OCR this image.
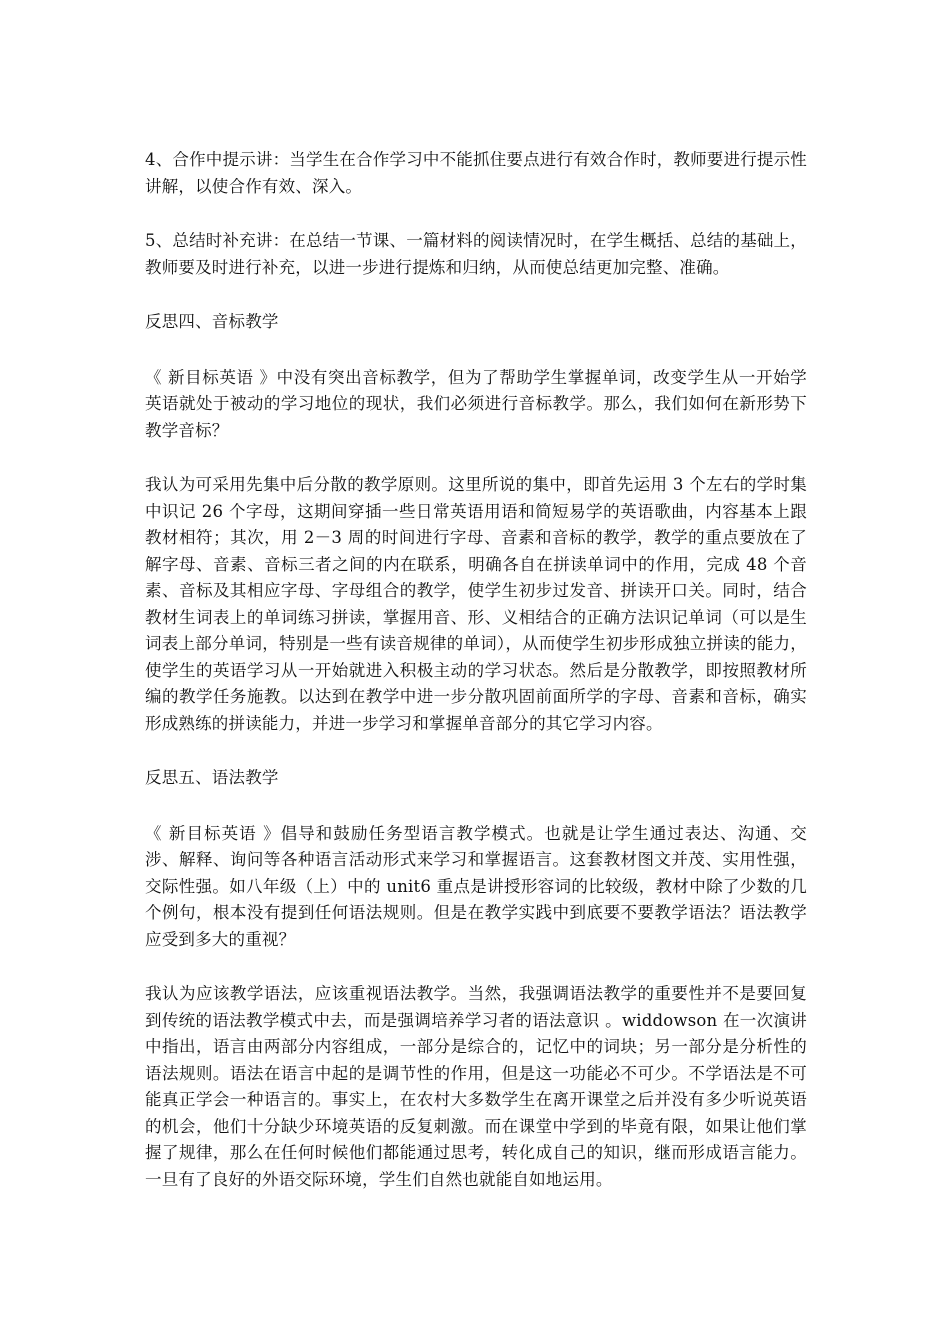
4、合作中提示讲：当学生在合作学习中不能抓住要点进行有效合作时，教师要进行提示性讲解，以使合作有效、深入。

5、总结时补充讲：在总结一节课、一篇材料的阅读情况时，在学生概括、总结的基础上，教师要及时进行补充，以进一步进行提炼和归纳，从而使总结更加完整、准确。

反思四、音标教学

《 新目标英语 》中没有突出音标教学，但为了帮助学生掌握单词，改变学生从一开始学英语就处于被动的学习地位的现状，我们必须进行音标教学。那么，我们如何在新形势下教学音标？

我认为可采用先集中后分散的教学原则。这里所说的集中，即首先运用 3 个左右的学时集中识记 26 个字母，这期间穿插一些日常英语用语和简短易学的英语歌曲，内容基本上跟教材相符；其次，用 2－3 周的时间进行字母、音素和音标的教学，教学的重点要放在了解字母、音素、音标三者之间的内在联系，明确各自在拼读单词中的作用，完成 48 个音素、音标及其相应字母、字母组合的教学，使学生初步过发音、拼读开口关。同时，结合教材生词表上的单词练习拼读，掌握用音、形、义相结合的正确方法识记单词（可以是生词表上部分单词，特别是一些有读音规律的单词），从而使学生初步形成独立拼读的能力，使学生的英语学习从一开始就进入积极主动的学习状态。然后是分散教学，即按照教材所编的教学任务施教。以达到在教学中进一步分散巩固前面所学的字母、音素和音标，确实形成熟练的拼读能力，并进一步学习和掌握单音部分的其它学习内容。

反思五、语法教学

《 新目标英语 》倡导和鼓励任务型语言教学模式。也就是让学生通过表达、沟通、交涉、解释、询问等各种语言活动形式来学习和掌握语言。这套教材图文并茂、实用性强，交际性强。如八年级（上）中的 unit6 重点是讲授形容词的比较级，教材中除了少数的几个例句，根本没有提到任何语法规则。但是在教学实践中到底要不要教学语法？语法教学应受到多大的重视？

我认为应该教学语法，应该重视语法教学。当然，我强调语法教学的重要性并不是要回复到传统的语法教学模式中去，而是强调培养学习者的语法意识 。widdowson 在一次演讲中指出，语言由两部分内容组成，一部分是综合的，记忆中的词块；另一部分是分析性的语法规则。语法在语言中起的是调节性的作用，但是这一功能必不可少。不学语法是不可能真正学会一种语言的。事实上，在农村大多数学生在离开课堂之后并没有多少听说英语的机会，他们十分缺少环境英语的反复刺激。而在课堂中学到的毕竟有限，如果让他们掌握了规律，那么在任何时候他们都能通过思考，转化成自己的知识，继而形成语言能力。一旦有了良好的外语交际环境，学生们自然也就能自如地运用。
